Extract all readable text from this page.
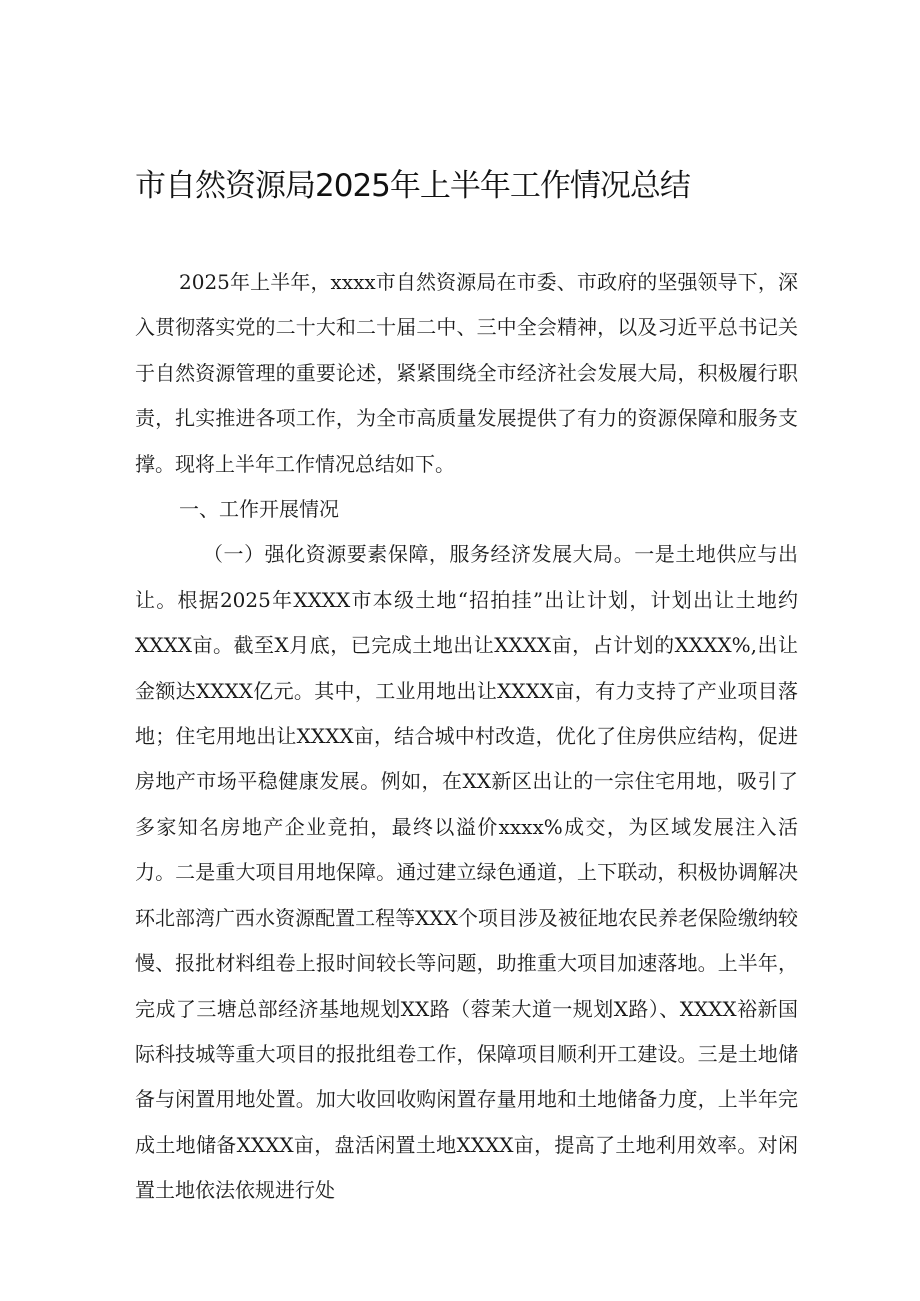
市自然资源局2025年上半年工作情况总结

2025年上半年，xxxx市自然资源局在市委、市政府的坚强领导下，深入贯彻落实党的二十大和二十届二中、三中全会精神，以及习近平总书记关于自然资源管理的重要论述，紧紧围绕全市经济社会发展大局，积极履行职责，扎实推进各项工作，为全市高质量发展提供了有力的资源保障和服务支撑。现将上半年工作情况总结如下。

一、工作开展情况

（一）强化资源要素保障，服务经济发展大局。一是土地供应与出让。根据2025年XXXX市本级土地“招拍挂”出让计划，计划出让土地约XXXX亩。截至X月底，已完成土地出让XXXX亩，占计划的XXXX%,出让金额达XXXX亿元。其中，工业用地出让XXXX亩，有力支持了产业项目落地；住宅用地出让XXXX亩，结合城中村改造，优化了住房供应结构，促进房地产市场平稳健康发展。例如，在XX新区出让的一宗住宅用地，吸引了多家知名房地产企业竞拍，最终以溢价xxxx%成交，为区域发展注入活力。二是重大项目用地保障。通过建立绿色通道，上下联动，积极协调解决环北部湾广西水资源配置工程等XXX个项目涉及被征地农民养老保险缴纳较慢、报批材料组卷上报时间较长等问题，助推重大项目加速落地。上半年，完成了三塘总部经济基地规划XX路（蓉茉大道一规划X路）、XXXX裕新国际科技城等重大项目的报批组卷工作，保障项目顺利开工建设。三是土地储备与闲置用地处置。加大收回收购闲置存量用地和土地储备力度，上半年完成土地储备XXXX亩，盘活闲置土地XXXX亩，提高了土地利用效率。对闲置土地依法依规进行处
